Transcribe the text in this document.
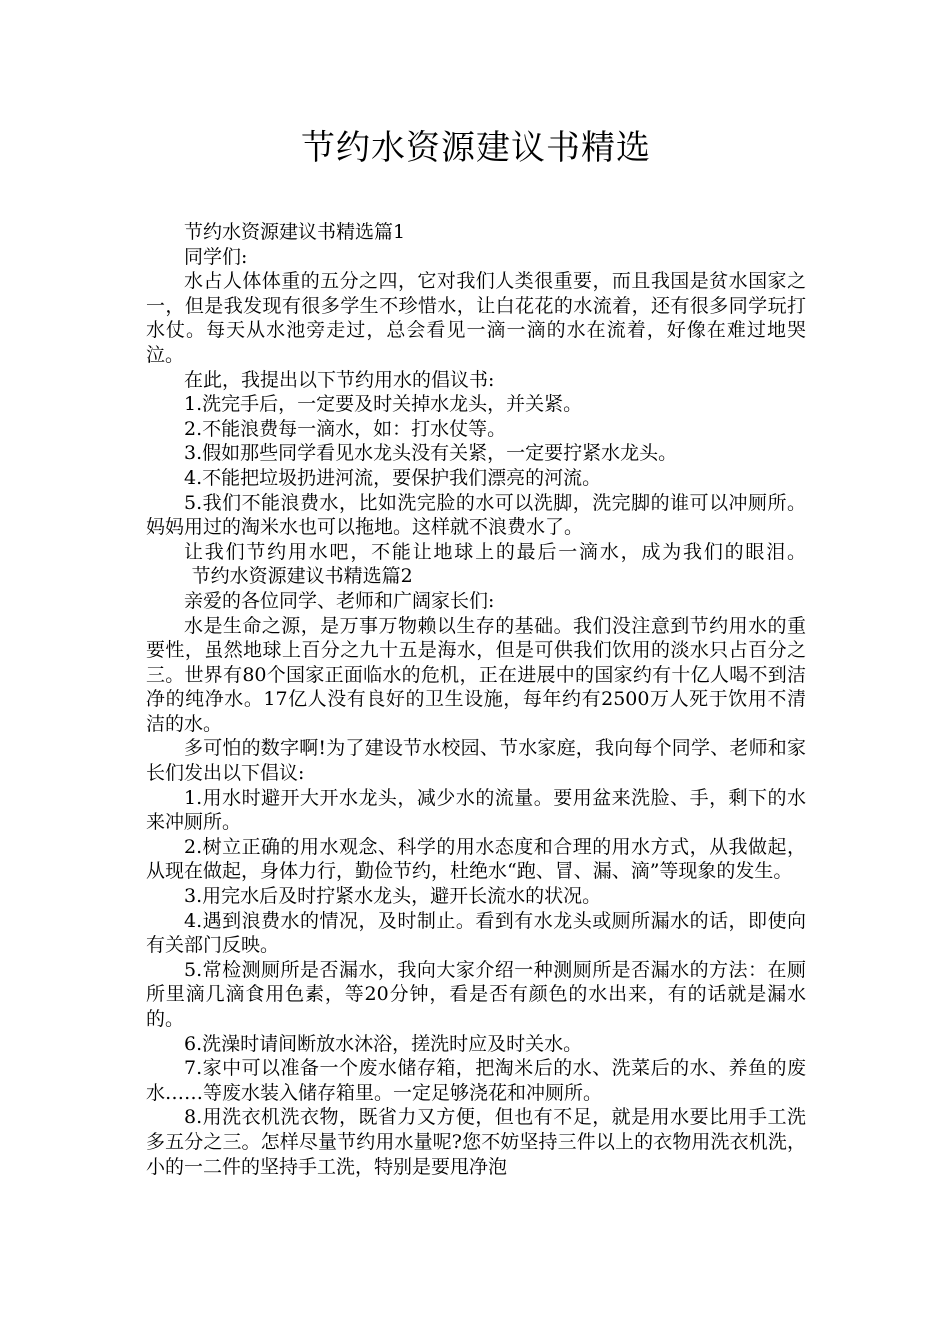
节约水资源建议书精选

节约水资源建议书精选篇1

同学们:

水占人体体重的五分之四，它对我们人类很重要，而且我国是贫水国家之一，但是我发现有很多学生不珍惜水，让白花花的水流着，还有很多同学玩打水仗。每天从水池旁走过，总会看见一滴一滴的水在流着，好像在难过地哭泣。

在此，我提出以下节约用水的倡议书:

1.洗完手后，一定要及时关掉水龙头，并关紧。

2.不能浪费每一滴水，如：打水仗等。

3.假如那些同学看见水龙头没有关紧，一定要拧紧水龙头。

4.不能把垃圾扔进河流，要保护我们漂亮的河流。

5.我们不能浪费水，比如洗完脸的水可以洗脚，洗完脚的谁可以冲厕所。妈妈用过的淘米水也可以拖地。这样就不浪费水了。

让我们节约用水吧，不能让地球上的最后一滴水，成为我们的眼泪。节约水资源建议书精选篇2

亲爱的各位同学、老师和广阔家长们:

水是生命之源，是万事万物赖以生存的基础。我们没注意到节约用水的重要性，虽然地球上百分之九十五是海水，但是可供我们饮用的淡水只占百分之三。世界有80个国家正面临水的危机，正在进展中的国家约有十亿人喝不到洁净的纯净水。17亿人没有良好的卫生设施，每年约有2500万人死于饮用不清洁的水。

多可怕的数字啊!为了建设节水校园、节水家庭，我向每个同学、老师和家长们发出以下倡议:

1.用水时避开大开水龙头，减少水的流量。要用盆来洗脸、手，剩下的水来冲厕所。

2.树立正确的用水观念、科学的用水态度和合理的用水方式，从我做起，从现在做起，身体力行，勤俭节约，杜绝水“跑、冒、漏、滴”等现象的发生。

3.用完水后及时拧紧水龙头，避开长流水的状况。

4.遇到浪费水的情况，及时制止。看到有水龙头或厕所漏水的话，即使向有关部门反映。

5.常检测厕所是否漏水，我向大家介绍一种测厕所是否漏水的方法：在厕所里滴几滴食用色素，等20分钟，看是否有颜色的水出来，有的话就是漏水的。

6.洗澡时请间断放水沐浴，搓洗时应及时关水。

7.家中可以准备一个废水储存箱，把淘米后的水、洗菜后的水、养鱼的废水……等废水装入储存箱里。一定足够浇花和冲厕所。

8.用洗衣机洗衣物，既省力又方便，但也有不足，就是用水要比用手工洗多五分之三。怎样尽量节约用水量呢?您不妨坚持三件以上的衣物用洗衣机洗，小的一二件的坚持手工洗，特别是要甩净泡
